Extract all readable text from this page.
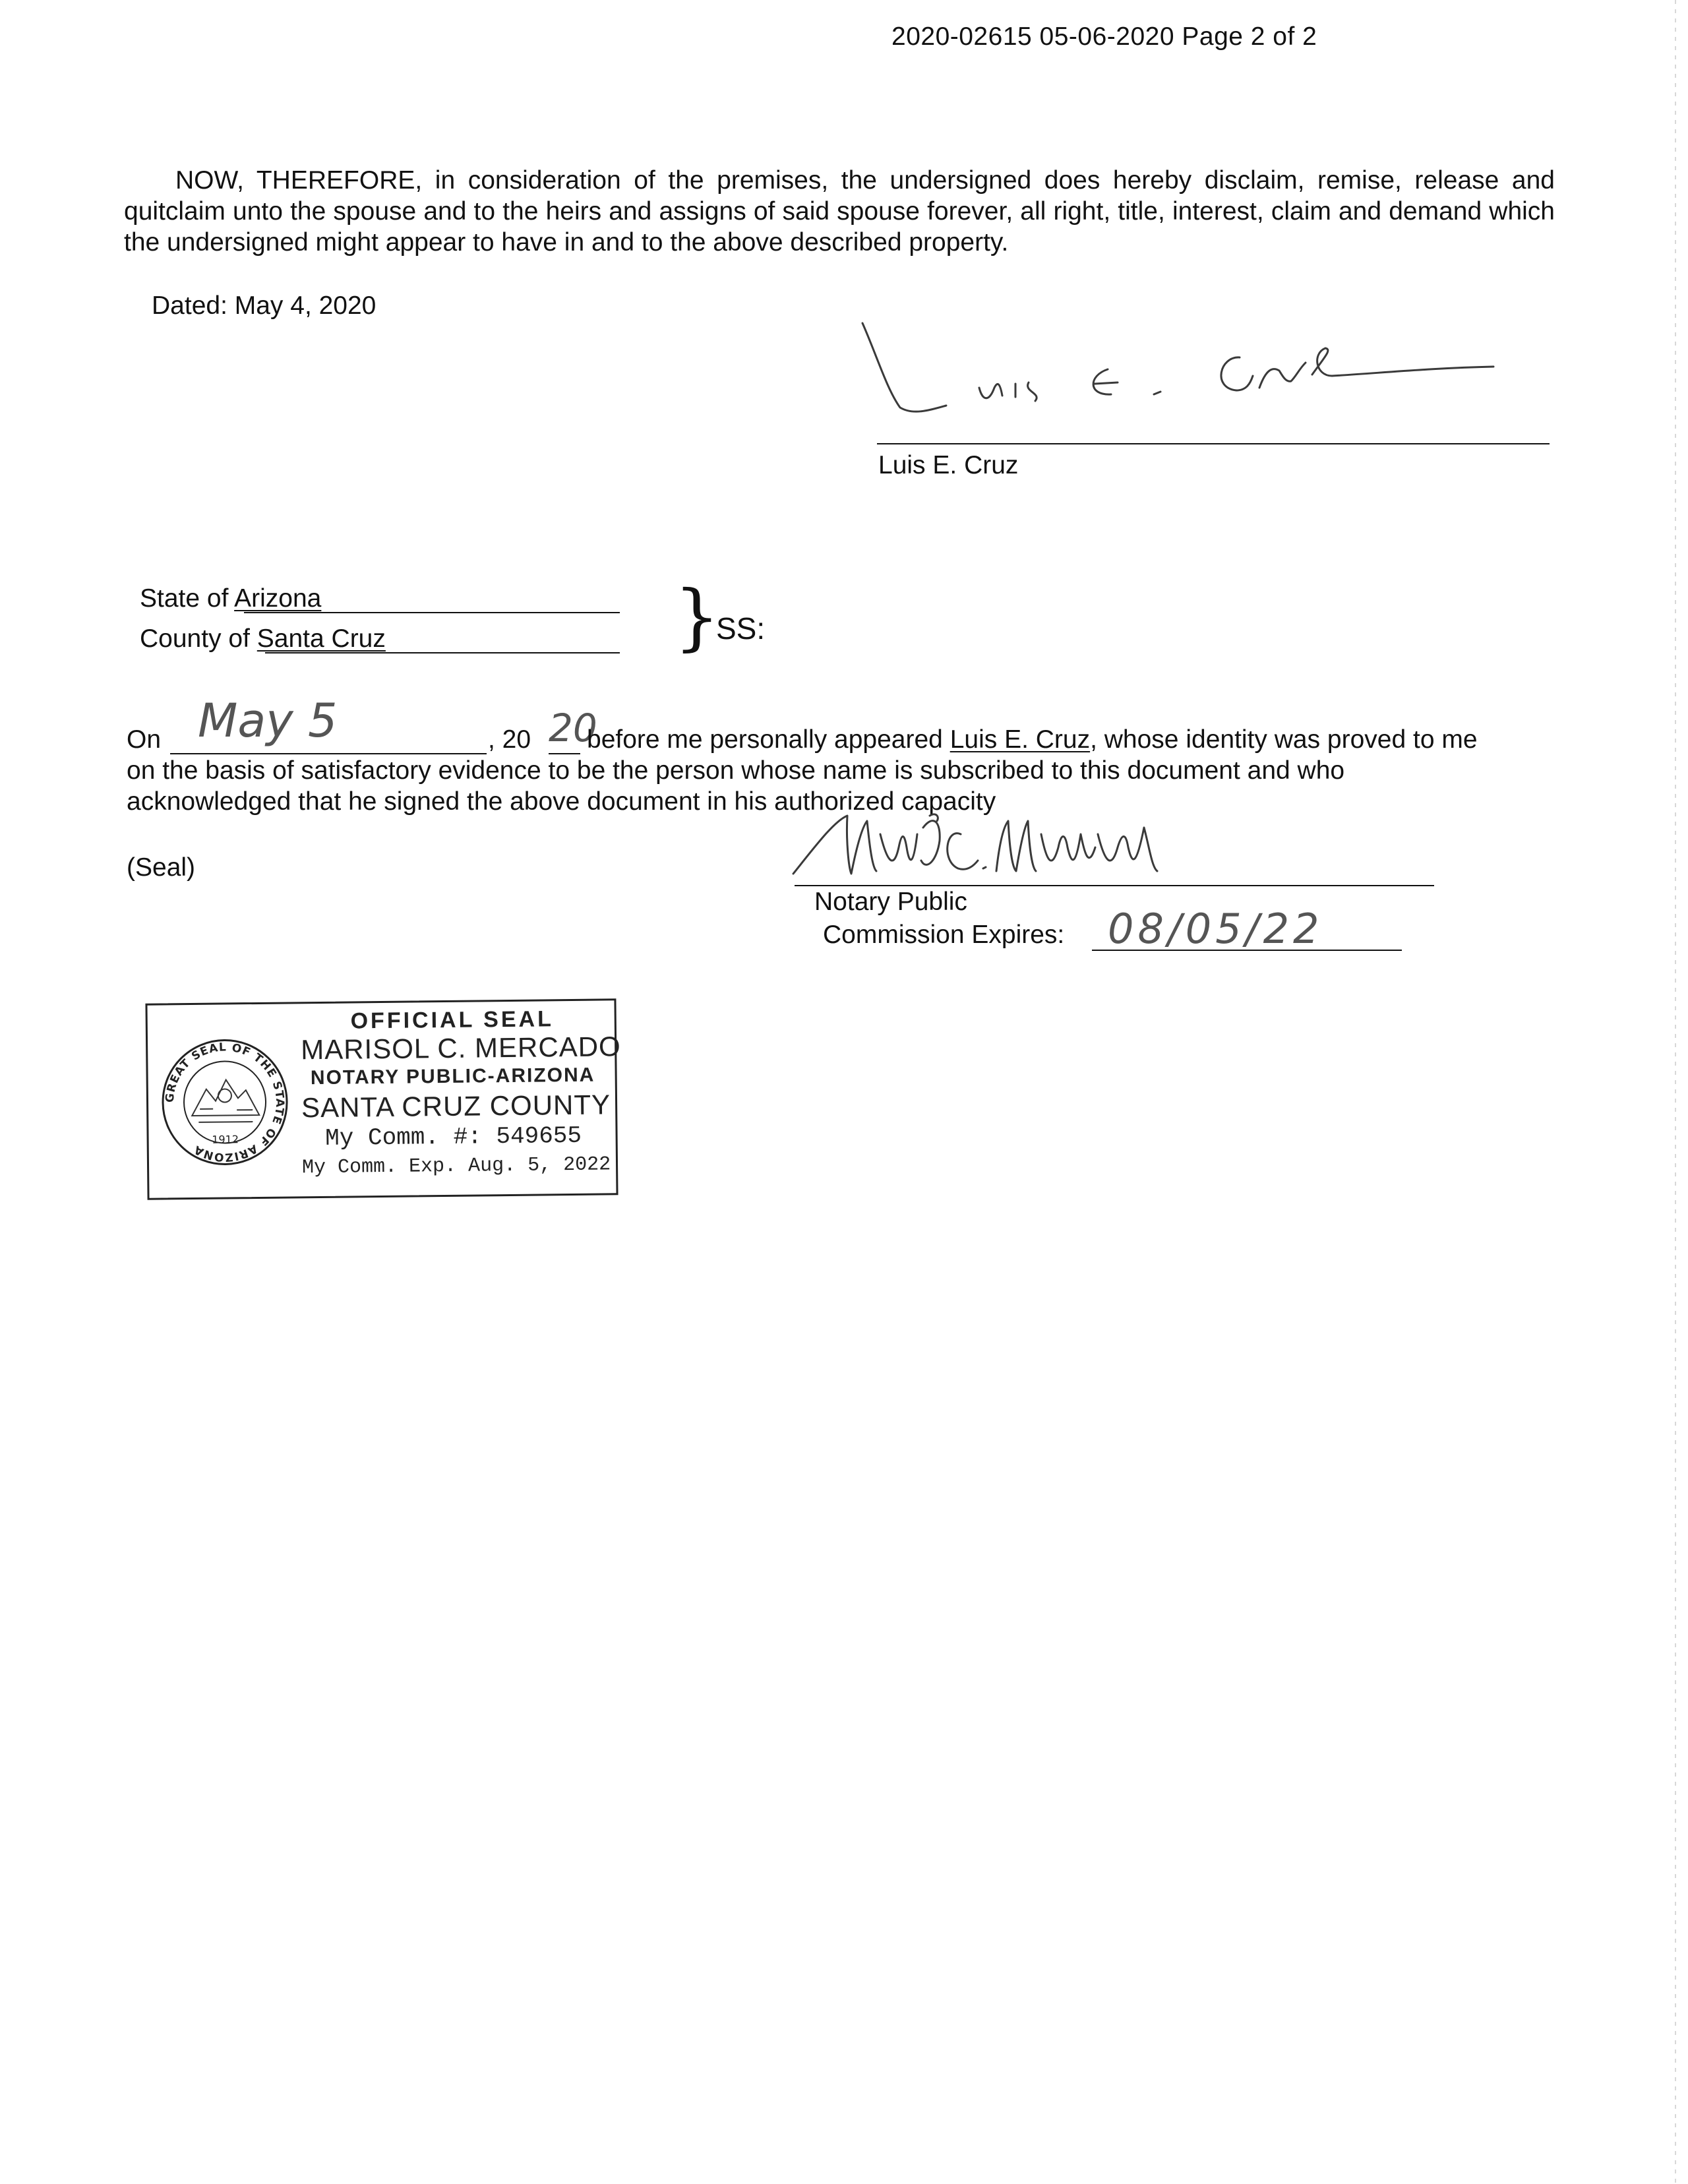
2020-02615 05-06-2020 Page 2 of 2
NOW, THEREFORE, in consideration of the premises, the undersigned does hereby disclaim, remise, release and quitclaim unto the spouse and to the heirs and assigns of said spouse forever, all right, title, interest, claim and demand which the undersigned might appear to have in and to the above described property.
Dated: May 4, 2020
Luis E. Cruz
State of Arizona
County of Santa Cruz	}
SS:
On May 5	, 20 20
before me personally appeared Luis E. Cruz, whose identity was proved to me
on the basis of satisfactory evidence to be the person whose name is subscribed to this document and who
acknowledged that he signed the above document in his authorized capacity
(Seal)
Notary Public
Commission Expires: 08/05/22
GREAT SEAL OF THE STATE OF ARIZONA
1912
OFFICIAL SEAL
MARISOL C. MERCADO
NOTARY PUBLIC-ARIZONA
SANTA CRUZ COUNTY
My Comm. #: 549655
My Comm. Exp. Aug. 5, 2022
